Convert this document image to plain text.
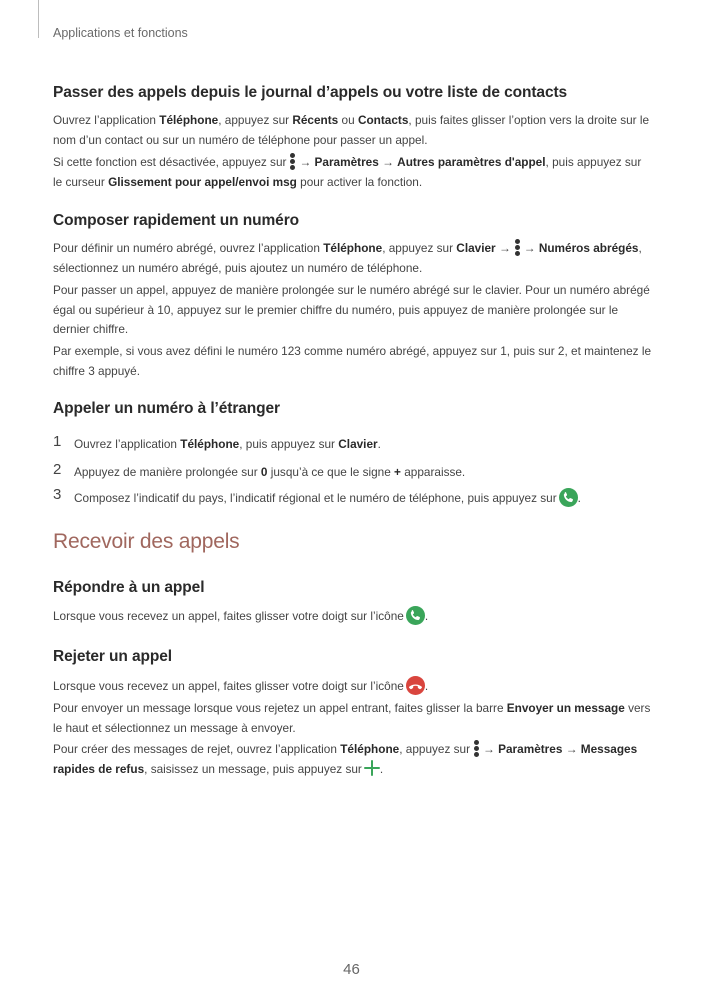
Applications et fonctions
Passer des appels depuis le journal d’appels ou votre liste de contacts
Ouvrez l’application Téléphone, appuyez sur Récents ou Contacts, puis faites glisser l’option vers la droite sur le nom d’un contact ou sur un numéro de téléphone pour passer un appel.
Si cette fonction est désactivée, appuyez sur → Paramètres → Autres paramètres d'appel, puis appuyez sur le curseur Glissement pour appel/envoi msg pour activer la fonction.
Composer rapidement un numéro
Pour définir un numéro abrégé, ouvrez l’application Téléphone, appuyez sur Clavier → → Numéros abrégés, sélectionnez un numéro abrégé, puis ajoutez un numéro de téléphone.
Pour passer un appel, appuyez de manière prolongée sur le numéro abrégé sur le clavier. Pour un numéro abrégé égal ou supérieur à 10, appuyez sur le premier chiffre du numéro, puis appuyez de manière prolongée sur le dernier chiffre.
Par exemple, si vous avez défini le numéro 123 comme numéro abrégé, appuyez sur 1, puis sur 2, et maintenez le chiffre 3 appuyé.
Appeler un numéro à l’étranger
1 Ouvrez l’application Téléphone, puis appuyez sur Clavier.
2 Appuyez de manière prolongée sur 0 jusqu’à ce que le signe + apparaisse.
3 Composez l’indicatif du pays, l’indicatif régional et le numéro de téléphone, puis appuyez sur .
Recevoir des appels
Répondre à un appel
Lorsque vous recevez un appel, faites glisser votre doigt sur l’icône .
Rejeter un appel
Lorsque vous recevez un appel, faites glisser votre doigt sur l’icône .
Pour envoyer un message lorsque vous rejetez un appel entrant, faites glisser la barre Envoyer un message vers le haut et sélectionnez un message à envoyer.
Pour créer des messages de rejet, ouvrez l’application Téléphone, appuyez sur → Paramètres → Messages rapides de refus, saisissez un message, puis appuyez sur .
46
